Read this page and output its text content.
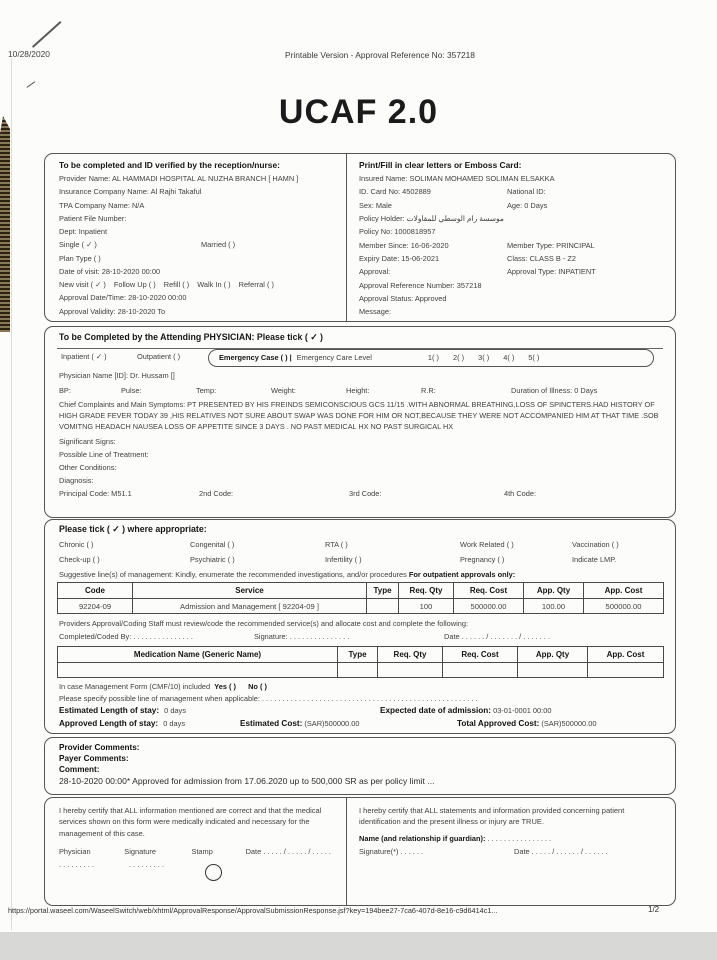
10/28/2020	Printable Version - Approval Reference No: 357218
UCAF 2.0
To be completed and ID verified by the reception/nurse:
Provider Name: AL HAMMADI HOSPITAL AL NUZHA BRANCH [ HAMN ]
Insurance Company Name: Al Rajhi Takaful
TPA Company Name: N/A
Patient File Number:
Dept: Inpatient
Single ( ✓ )	Married ( )
Plan Type ( )
Date of visit: 28-10-2020 00:00
New visit ( ✓ ) Follow Up ( ) Refill ( ) Walk In ( ) Referral ( )
Approval Date/Time: 28-10-2020 00:00
Approval Validity: 28-10-2020 To
Print/Fill in clear letters or Emboss Card:
Insured Name: SOLIMAN MOHAMED SOLIMAN ELSAKKA
ID. Card No: 4502889	National ID:
Sex: Male	Age: 0 Days
Policy Holder: موسسة رام الوسطي للمقاولات
Policy No: 1000818957
Member Since: 16-06-2020	Member Type: PRINCIPAL
Expiry Date: 15-06-2021	Class: CLASS B - Z2
Approval:	Approval Type: INPATIENT
Approval Reference Number: 357218
Approval Status: Approved
Message:
To be Completed by the Attending PHYSICIAN: Please tick ( ✓ )
Inpatient ( ✓ )	Outpatient ( )	Emergency Case ( ) | Emergency Care Level	1( ) 2( ) 3( ) 4( ) 5( )
Physician Name [ID]: Dr. Hussam []
BP:	Pulse:	Temp:	Weight:	Height:	R.R:	Duration of Illness: 0 Days
Chief Complaints and Main Symptoms: PT PRESENTED BY HIS FREINDS SEMICONSCIOUS GCS 11/15 .WITH ABNORMAL BREATHING,LOSS OF SPINCTERS.HAD HISTORY OF HIGH GRADE FEVER TODAY 39 ,HIS RELATIVES NOT SURE ABOUT SWAP WAS DONE FOR HIM OR NOT,BECAUSE THEY WERE NOT ACCOMPANIED HIM AT THAT TIME .SOB VOMITNG HEADACH NAUSEA LOSS OF APPETITE SINCE 3 DAYS . NO PAST MEDICAL HX NO PAST SURGICAL HX
Significant Signs:
Possible Line of Treatment:
Other Conditions:
Diagnosis:
Principal Code: M51.1	2nd Code:	3rd Code:	4th Code:
Please tick ( ✓ ) where appropriate:
Chronic ( )	Congenital ( )	RTA ( )	Work Related ( )	Vaccination ( )
Check-up ( )	Psychiatric ( )	Infertility ( )	Pregnancy ( )	Indicate LMP.
Suggestive line(s) of management: Kindly, enumerate the recommended investigations, and/or procedures For outpatient approvals only:
Code	Service	Type	Req. Qty	Req. Cost	App. Qty	App. Cost
92204-09	Admission and Management [ 92204-09 ]		100	500000.00	100.00	500000.00
Providers Approval/Coding Staff must review/code the recommended service(s) and allocate cost and complete the following:
Completed/Coded By: . . . . . . . . . . . . . . .	Signature: . . . . . . . . . . . . . . .	Date . . . . . . / . . . . . . . / . . . . . . .
Medication Name (Generic Name)	Type	Req. Qty	Req. Cost	App. Qty	App. Cost

In case Management Form (CMF/10) included Yes ( ) No ( )
Please specify possible line of management when applicable: . . . . . . . . . . . . . . . . . . . . . . . . . . . . . . . . . . . . . . . . . . . . . . . . . . . . .
Estimated Length of stay: 0 days	Expected date of admission: 03-01-0001 00:00
Approved Length of stay: 0 days	Estimated Cost: (SAR)500000.00	Total Approved Cost: (SAR)500000.00
Provider Comments:
Payer Comments:
Comment:
28-10-2020 00:00* Approved for admission from 17.06.2020 up to 500,000 SR as per policy limit ...
I hereby certify that ALL information mentioned are correct and that the medical services shown on this form were medically indicated and necessary for the management of this case.
Physician	Signature	Stamp	Date . . . . . / . . . . . / . . . . .
. . . . . . . . .	. . . . . . . . .
I hereby certify that ALL statements and information provided concerning patient identification and the present illness or injury are TRUE.
Name (and relationship if guardian): . . . . . . . . . . . . . . . .
Signature(*) . . . . . .	Date . . . . . / . . . . . . / . . . . . .
https://portal.waseel.com/WaseelSwitch/web/xhtml/ApprovalResponse/ApprovalSubmissionResponse.jsf?key=194bee27-7ca6-407d-8e16-c9d6414c1...	1/2
